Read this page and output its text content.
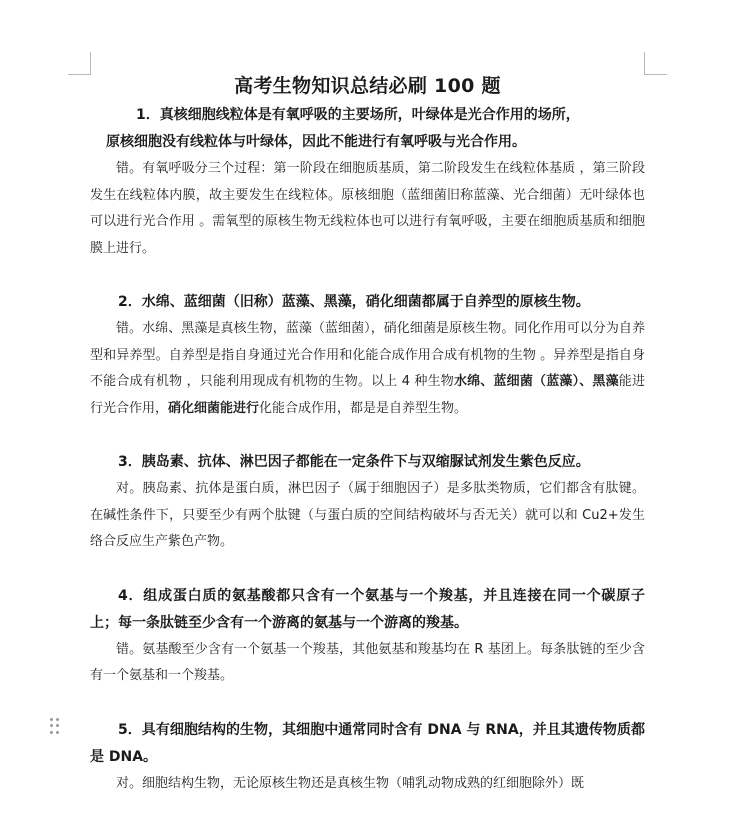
高考生物知识总结必刷 100 题
1．真核细胞线粒体是有氧呼吸的主要场所，叶绿体是光合作用的场所，
原核细胞没有线粒体与叶绿体，因此不能进行有氧呼吸与光合作用。

错。有氧呼吸分三个过程：第一阶段在细胞质基质，第二阶段发生在线粒体基质 ，第三阶段发生在线粒体内膜，故主要发生在线粒体。原核细胞（蓝细菌旧称蓝藻、光合细菌）无叶绿体也可以进行光合作用 。需氧型的原核生物无线粒体也可以进行有氧呼吸，主要在细胞质基质和细胞膜上进行。

2．水绵、蓝细菌（旧称）蓝藻、黑藻，硝化细菌都属于自养型的原核生物。

错。水绵、黑藻是真核生物，蓝藻（蓝细菌），硝化细菌是原核生物。同化作用可以分为自养型和异养型。自养型是指自身通过光合作用和化能合成作用合成有机物的生物 。异养型是指自身不能合成有机物 ，只能利用现成有机物的生物。以上 4 种生物水绵、蓝细菌（蓝藻）、黑藻能进行光合作用，硝化细菌能进行化能合成作用，都是是自养型生物。

3．胰岛素、抗体、淋巴因子都能在一定条件下与双缩脲试剂发生紫色反应。

对。胰岛素、抗体是蛋白质，淋巴因子（属于细胞因子）是多肽类物质，它们都含有肽键。在碱性条件下，只要至少有两个肽键（与蛋白质的空间结构破坏与否无关）就可以和 Cu2+发生络合反应生产紫色产物。

4．组成蛋白质的氨基酸都只含有一个氨基与一个羧基，并且连接在同一个碳原子上；每一条肽链至少含有一个游离的氨基与一个游离的羧基。

错。氨基酸至少含有一个氨基一个羧基，其他氨基和羧基均在 R 基团上。每条肽链的至少含有一个氨基和一个羧基。

5．具有细胞结构的生物，其细胞中通常同时含有 DNA 与 RNA，并且其遗传物质都是 DNA。

对。细胞结构生物，无论原核生物还是真核生物（哺乳动物成熟的红细胞除外）既
